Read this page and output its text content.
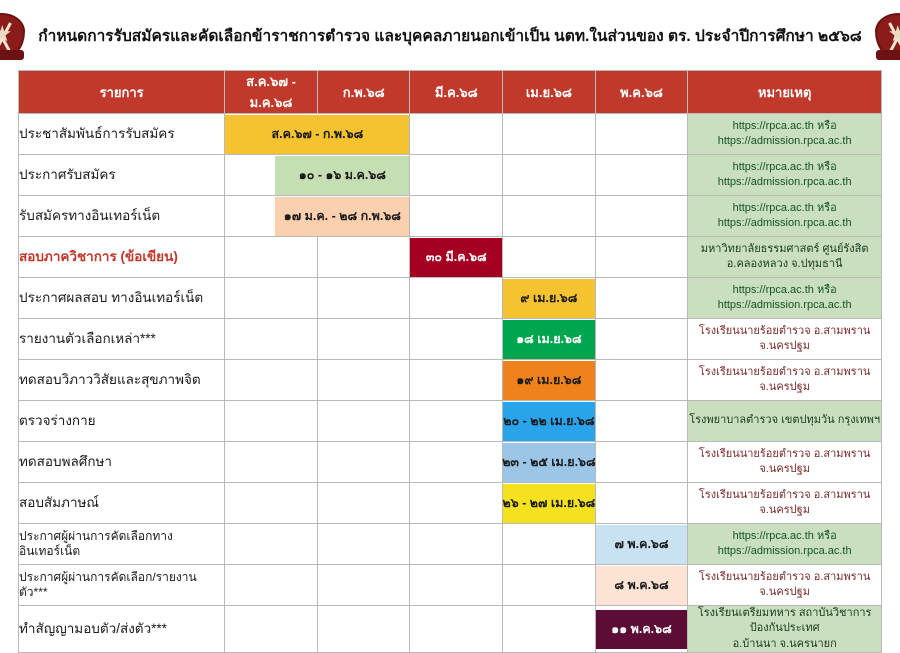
กำหนดการรับสมัครและคัดเลือกข้าราชการตำรวจ และบุคคลภายนอกเข้าเป็น นตท.ในส่วนของ ตร. ประจำปีการศึกษา ๒๕๖๘
รายการ	ส.ค.๖๗ - ม.ค.๖๘	ก.พ.๖๘	มี.ค.๖๘	เม.ย.๖๘	พ.ค.๖๘	หมายเหตุ
ประชาสัมพันธ์การรับสมัคร	ส.ค.๖๗ - ก.พ.๖๘					https://rpca.ac.th หรือ
https://admission.rpca.ac.th

ประกาศรับสมัคร	๑๐ - ๑๖ ม.ค.๖๘					https://rpca.ac.th หรือ
https://admission.rpca.ac.th

รับสมัครทางอินเทอร์เน็ต	๑๗ ม.ค. - ๒๘ ก.พ.๖๘					https://rpca.ac.th หรือ
https://admission.rpca.ac.th

สอบภาควิชาการ (ข้อเขียน)			๓๐ มี.ค.๖๘			มหาวิทยาลัยธรรมศาสตร์ ศูนย์รังสิต
อ.คลองหลวง จ.ปทุมธานี

ประกาศผลสอบ ทางอินเทอร์เน็ต				๙ เม.ย.๖๘		https://rpca.ac.th หรือ
https://admission.rpca.ac.th

รายงานตัวเลือกเหล่า***				๑๘ เม.ย.๖๘		โรงเรียนนายร้อยตำรวจ อ.สามพราน จ.นครปฐม

ทดสอบวิภาววิสัยและสุขภาพจิต				๑๙ เม.ย.๖๘		โรงเรียนนายร้อยตำรวจ อ.สามพราน จ.นครปฐม

ตรวจร่างกาย				๒๐ - ๒๒ เม.ย.๖๘		โรงพยาบาลตำรวจ เขตปทุมวัน กรุงเทพฯ

ทดสอบพลศึกษา				๒๓ - ๒๕ เม.ย.๖๘		โรงเรียนนายร้อยตำรวจ อ.สามพราน จ.นครปฐม

สอบสัมภาษณ์				๒๖ - ๒๗ เม.ย.๖๘		โรงเรียนนายร้อยตำรวจ อ.สามพราน จ.นครปฐม

ประกาศผู้ผ่านการคัดเลือกทางอินเทอร์เน็ต					๗ พ.ค.๖๘	https://rpca.ac.th หรือ
https://admission.rpca.ac.th

ประกาศผู้ผ่านการคัดเลือก/รายงานตัว***					๘ พ.ค.๖๘	โรงเรียนนายร้อยตำรวจ อ.สามพราน จ.นครปฐม

ทำสัญญามอบตัว/ส่งตัว***					๑๑ พ.ค.๖๘	โรงเรียนเตรียมทหาร สถาบันวิชาการป้องกันประเทศ
อ.บ้านนา จ.นครนายก
